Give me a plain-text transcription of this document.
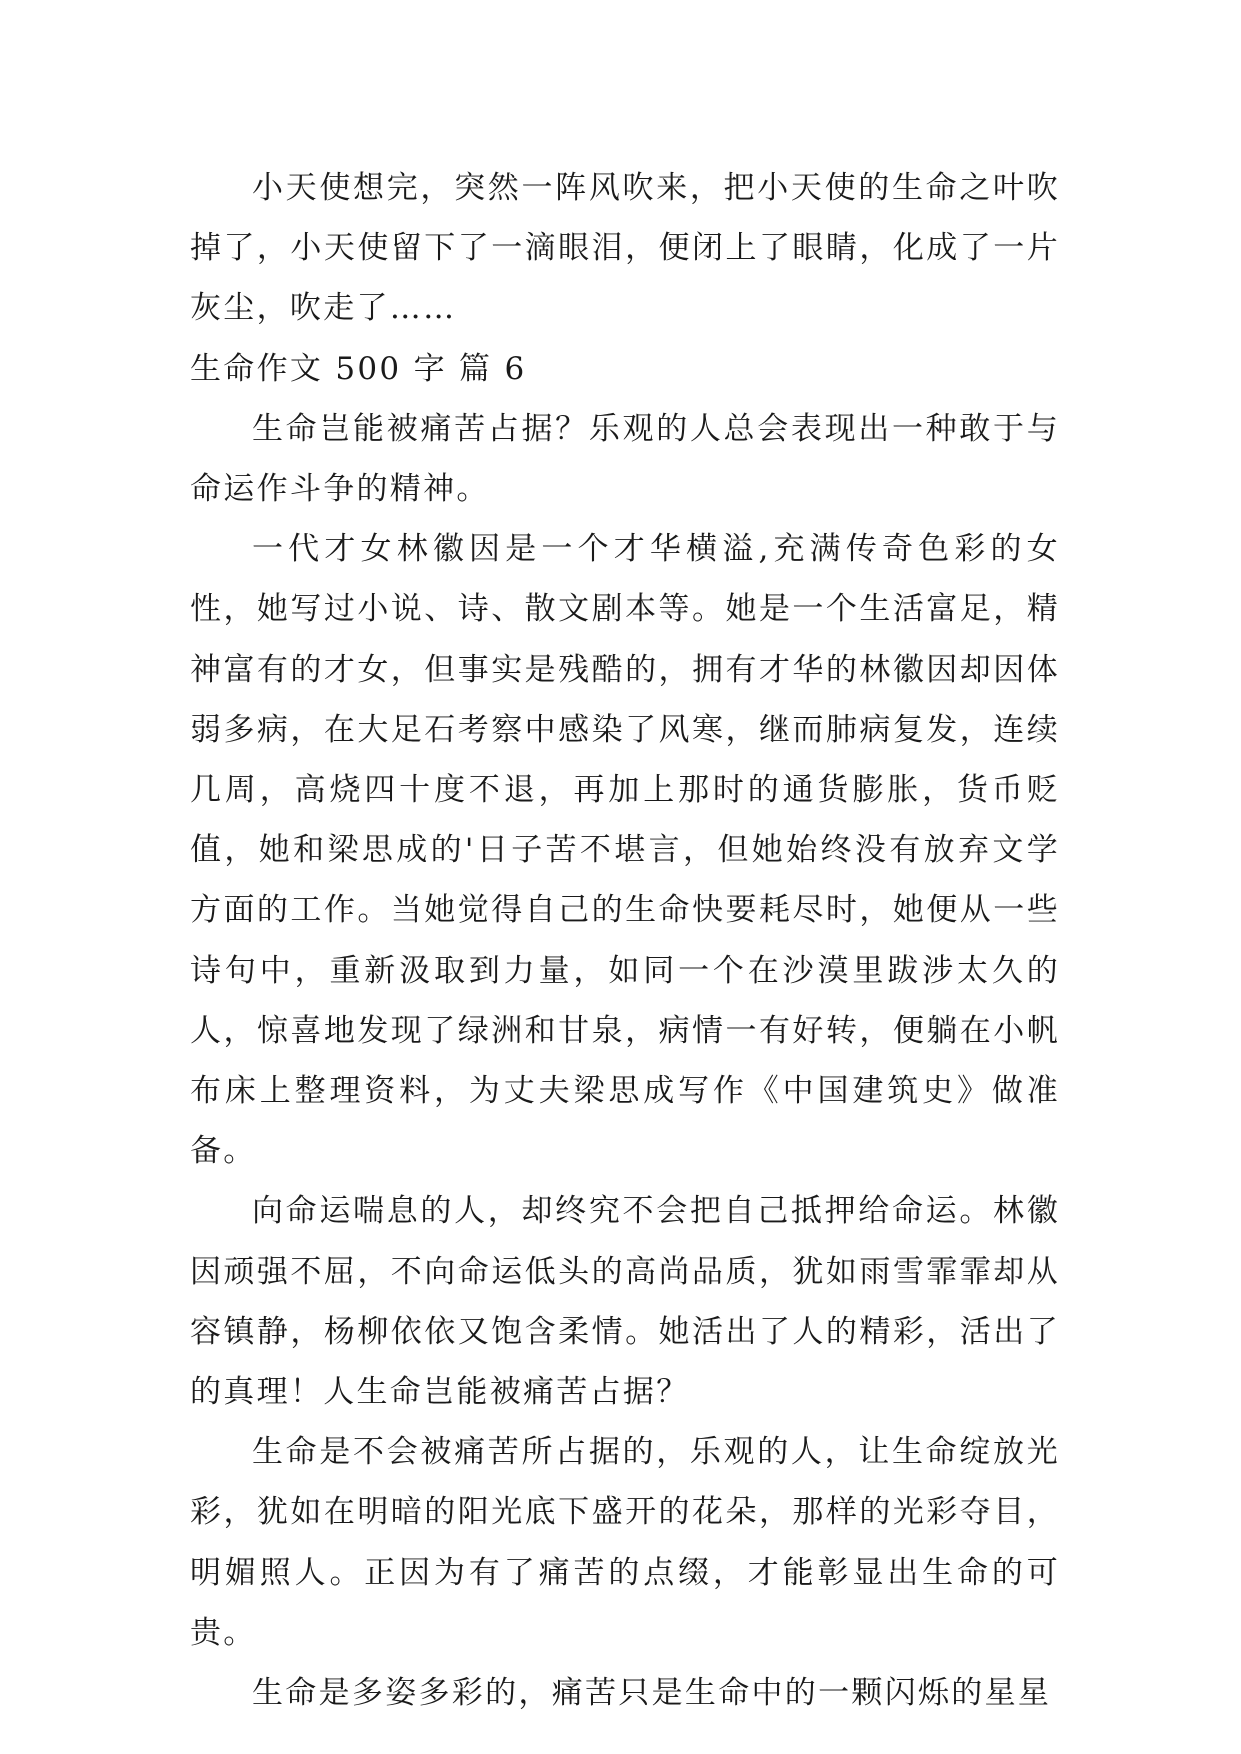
小天使想完，突然一阵风吹来，把小天使的生命之叶吹掉了，小天使留下了一滴眼泪，便闭上了眼睛，化成了一片灰尘，吹走了……

生命作文 500 字 篇 6

生命岂能被痛苦占据？乐观的人总会表现出一种敢于与命运作斗争的精神。

一代才女林徽因是一个才华横溢,充满传奇色彩的女性，她写过小说、诗、散文剧本等。她是一个生活富足，精神富有的才女，但事实是残酷的，拥有才华的林徽因却因体弱多病，在大足石考察中感染了风寒，继而肺病复发，连续几周，高烧四十度不退，再加上那时的通货膨胀，货币贬值，她和梁思成的'日子苦不堪言，但她始终没有放弃文学方面的工作。当她觉得自己的生命快要耗尽时，她便从一些诗句中，重新汲取到力量，如同一个在沙漠里跋涉太久的人，惊喜地发现了绿洲和甘泉，病情一有好转，便躺在小帆布床上整理资料，为丈夫梁思成写作《中国建筑史》做准备。

向命运喘息的人，却终究不会把自己抵押给命运。林徽因顽强不屈，不向命运低头的高尚品质，犹如雨雪霏霏却从容镇静，杨柳依依又饱含柔情。她活出了人的精彩，活出了的真理！人生命岂能被痛苦占据？

生命是不会被痛苦所占据的，乐观的人，让生命绽放光彩，犹如在明暗的阳光底下盛开的花朵，那样的光彩夺目，明媚照人。正因为有了痛苦的点缀，才能彰显出生命的可贵。

生命是多姿多彩的，痛苦只是生命中的一颗闪烁的星星
